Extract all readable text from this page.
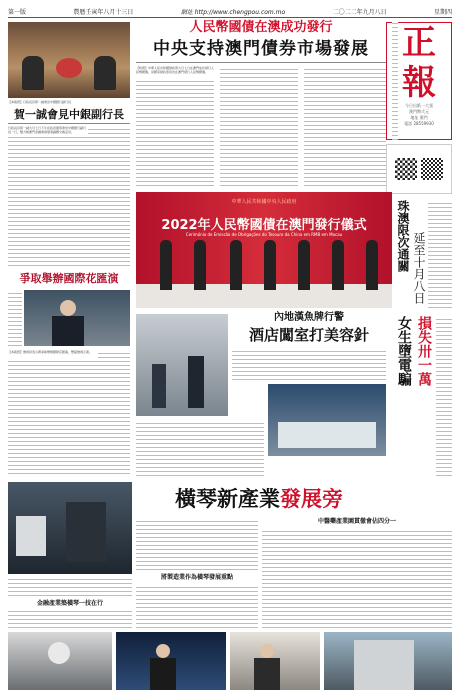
第一版	農曆壬寅年八月十三日	網址 http://www.chengpou.com.mo	二〇二二年九月八日	星期四
【本報訊】行政長官賀一誠會見中國銀行副行長
賀一誠會見中銀副行長
行政長官賀一誠九月七日下午在政府總部會見中國銀行副行長一行，雙方就澳門金融業發展等議題交換意見。
爭取舉辦國際花匯演
【本報訊】旅遊局表示將爭取舉辦國際花匯演，豐富旅遊元素。
人民幣國債在澳成功發行
中央支持澳門債券市場發展
【特訊】中華人民共和國財政部九月七日在澳門成功發行人民幣國債，是國家財政部首次在澳門發行人民幣國債。
正
報
今日出紙一大張
澳門幣弍元
地址 澳門
電話 28559930
中華人民共和國中央人民政府
2022年人民幣國債在澳門發行儀式
Cerimónia de Emissão de Obrigações do Tesouro da China em RMB em Macau	珠澳限次通關 延至十月八日
內地漢魚牌行警
酒店闖室打美容針	女生墮電騙 損失卅一萬
橫琴新產業發展旁
金融產業築橫琴一技在行
將製造業作為橫琴發展重點
中醫藥產業園貫徹會佔四分一
